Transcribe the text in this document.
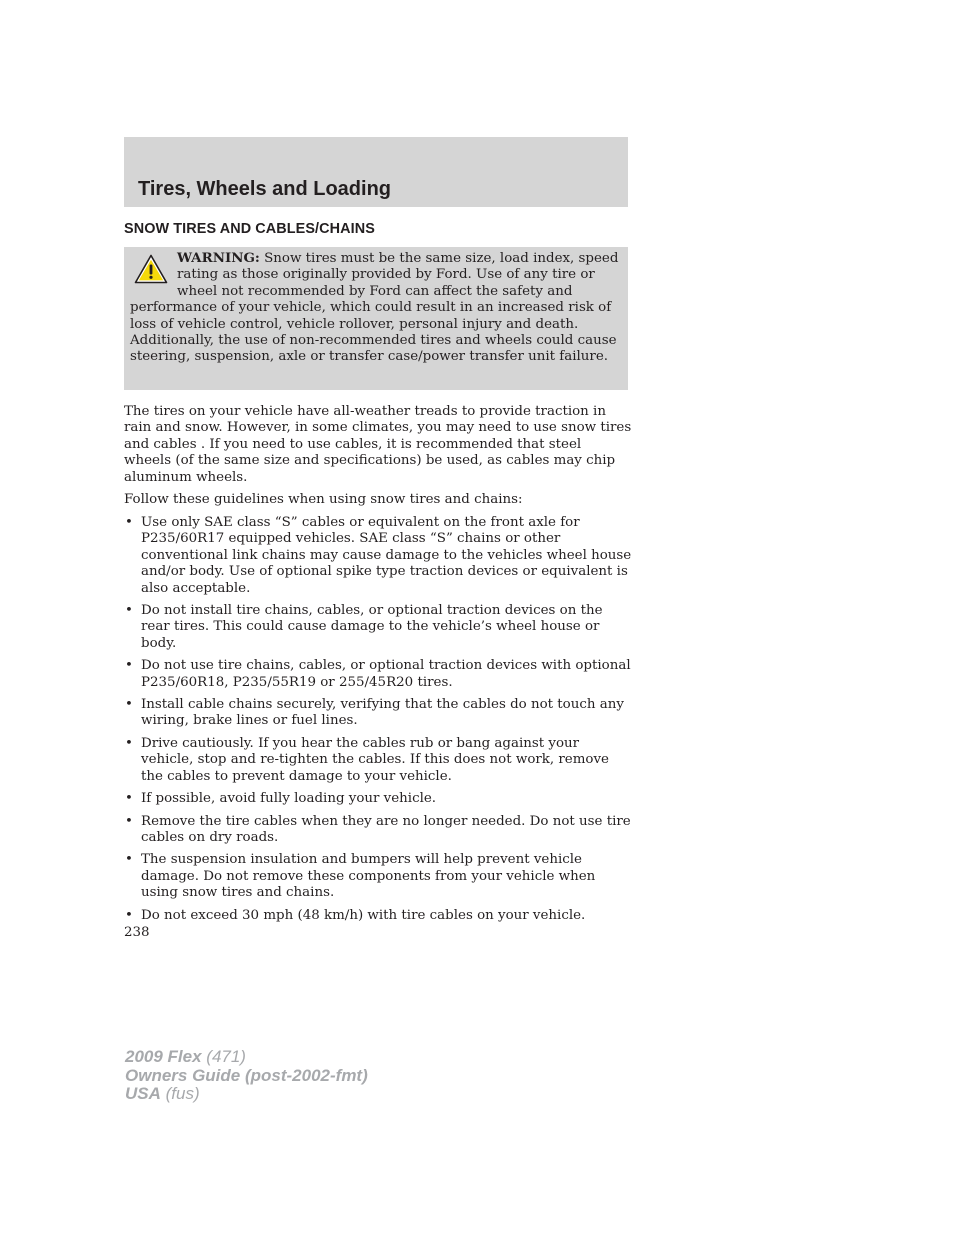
Tires, Wheels and Loading
SNOW TIRES AND CABLES/CHAINS

WARNING: Snow tires must be the same size, load index, speed rating as those originally provided by Ford. Use of any tire or wheel not recommended by Ford can affect the safety and performance of your vehicle, which could result in an increased risk of loss of vehicle control, vehicle rollover, personal injury and death. Additionally, the use of non-recommended tires and wheels could cause steering, suspension, axle or transfer case/power transfer unit failure.

The tires on your vehicle have all-weather treads to provide traction in rain and snow. However, in some climates, you may need to use snow tires and cables . If you need to use cables, it is recommended that steel wheels (of the same size and specifications) be used, as cables may chip aluminum wheels.

Follow these guidelines when using snow tires and chains:

• Use only SAE class “S” cables or equivalent on the front axle for P235/60R17 equipped vehicles. SAE class “S” chains or other conventional link chains may cause damage to the vehicles wheel house and/or body. Use of optional spike type traction devices or equivalent is also acceptable.
• Do not install tire chains, cables, or optional traction devices on the rear tires. This could cause damage to the vehicle’s wheel house or body.
• Do not use tire chains, cables, or optional traction devices with optional P235/60R18, P235/55R19 or 255/45R20 tires.
• Install cable chains securely, verifying that the cables do not touch any wiring, brake lines or fuel lines.
• Drive cautiously. If you hear the cables rub or bang against your vehicle, stop and re-tighten the cables. If this does not work, remove the cables to prevent damage to your vehicle.
• If possible, avoid fully loading your vehicle.
• Remove the tire cables when they are no longer needed. Do not use tire cables on dry roads.
• The suspension insulation and bumpers will help prevent vehicle damage. Do not remove these components from your vehicle when using snow tires and chains.
• Do not exceed 30 mph (48 km/h) with tire cables on your vehicle.

238

2009 Flex (471)
Owners Guide (post-2002-fmt)
USA (fus)
